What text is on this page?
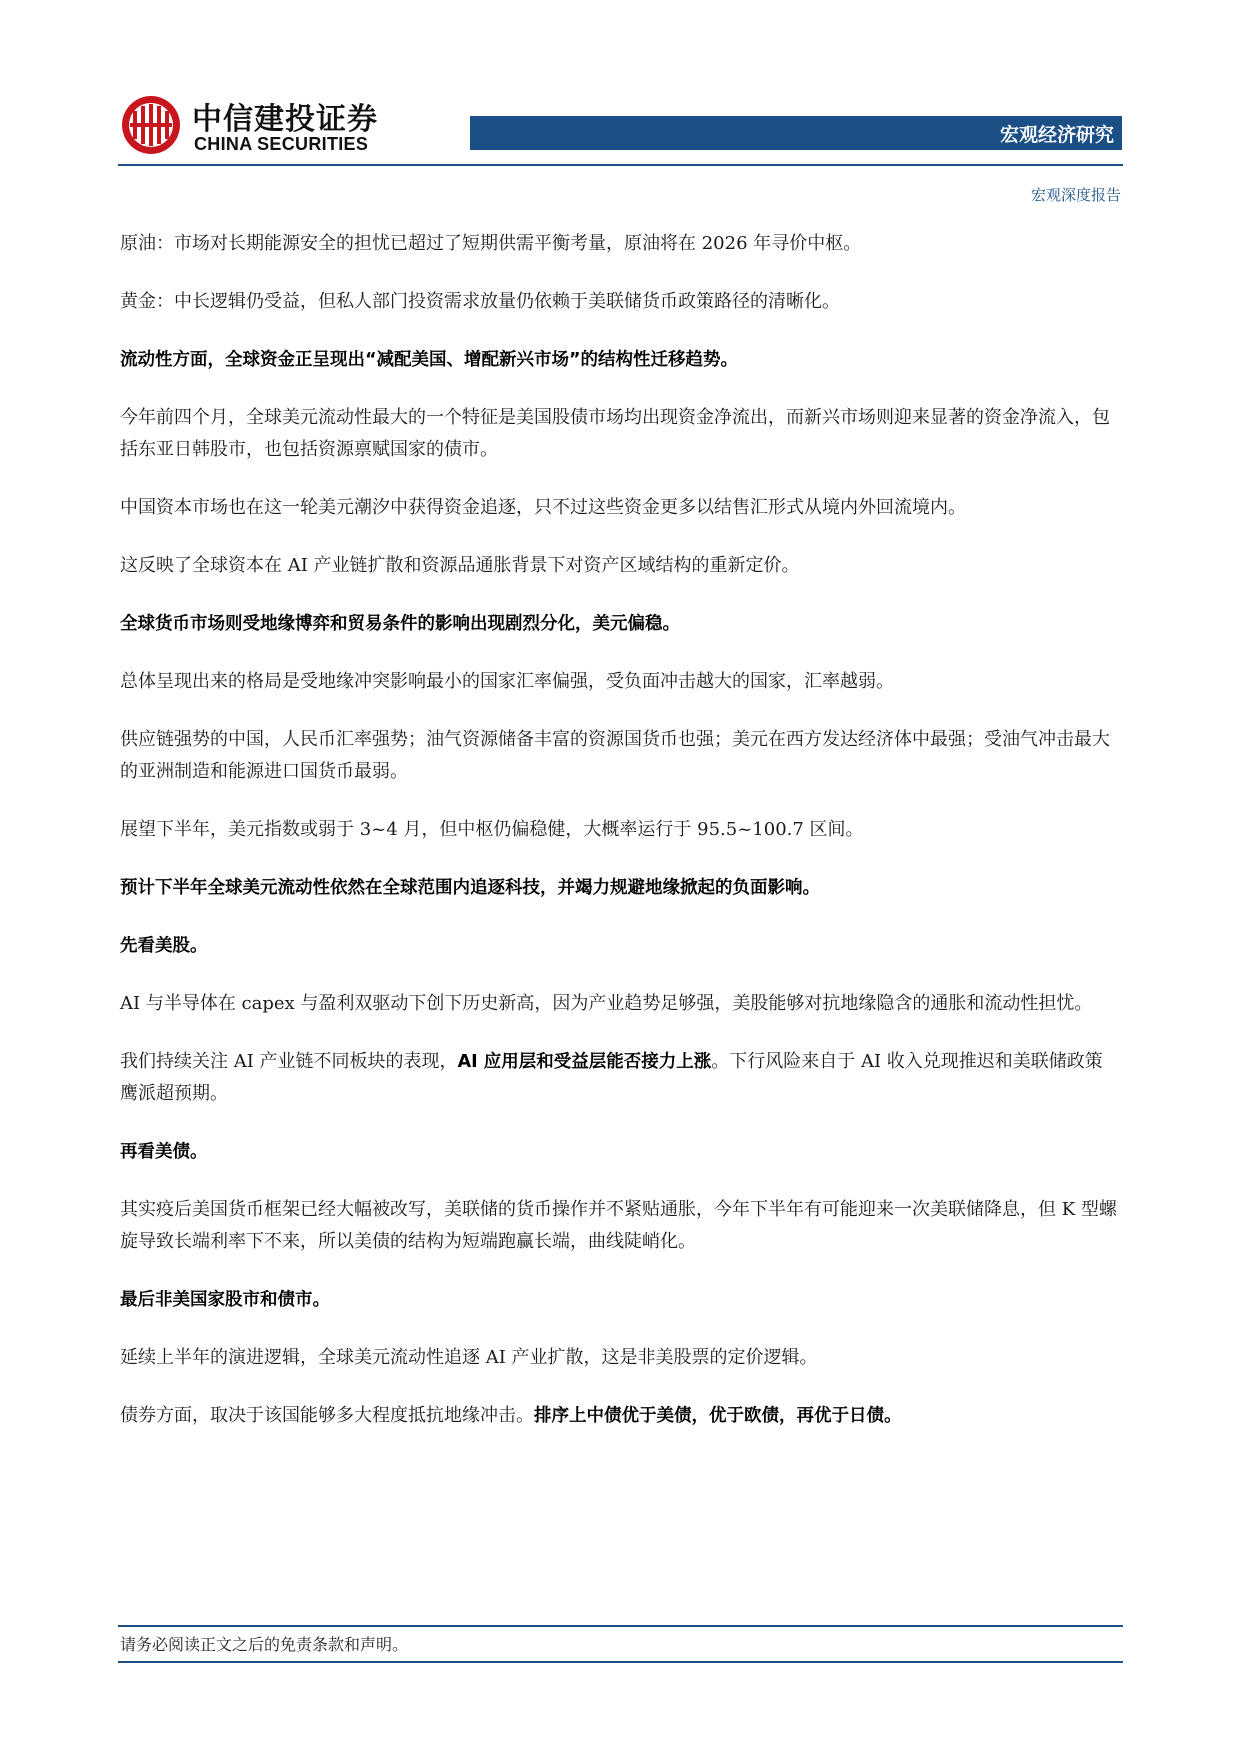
中信建投证券
CHINA SECURITIES	宏观经济研究
宏观深度报告

原油：市场对长期能源安全的担忧已超过了短期供需平衡考量，原油将在 2026 年寻价中枢。

黄金：中长逻辑仍受益，但私人部门投资需求放量仍依赖于美联储货币政策路径的清晰化。

流动性方面，全球资金正呈现出“减配美国、增配新兴市场”的结构性迁移趋势。

今年前四个月，全球美元流动性最大的一个特征是美国股债市场均出现资金净流出，而新兴市场则迎来显著的资金净流入，包括东亚日韩股市，也包括资源禀赋国家的债市。

中国资本市场也在这一轮美元潮汐中获得资金追逐，只不过这些资金更多以结售汇形式从境内外回流境内。

这反映了全球资本在 AI 产业链扩散和资源品通胀背景下对资产区域结构的重新定价。

全球货币市场则受地缘博弈和贸易条件的影响出现剧烈分化，美元偏稳。

总体呈现出来的格局是受地缘冲突影响最小的国家汇率偏强，受负面冲击越大的国家，汇率越弱。

供应链强势的中国，人民币汇率强势；油气资源储备丰富的资源国货币也强；美元在西方发达经济体中最强；受油气冲击最大的亚洲制造和能源进口国货币最弱。

展望下半年，美元指数或弱于 3~4 月，但中枢仍偏稳健，大概率运行于 95.5~100.7 区间。

预计下半年全球美元流动性依然在全球范围内追逐科技，并竭力规避地缘掀起的负面影响。

先看美股。

AI 与半导体在 capex 与盈利双驱动下创下历史新高，因为产业趋势足够强，美股能够对抗地缘隐含的通胀和流动性担忧。

我们持续关注 AI 产业链不同板块的表现，AI 应用层和受益层能否接力上涨。下行风险来自于 AI 收入兑现推迟和美联储政策鹰派超预期。

再看美债。

其实疫后美国货币框架已经大幅被改写，美联储的货币操作并不紧贴通胀，今年下半年有可能迎来一次美联储降息，但 K 型螺旋导致长端利率下不来，所以美债的结构为短端跑赢长端，曲线陡峭化。

最后非美国家股市和债市。

延续上半年的演进逻辑，全球美元流动性追逐 AI 产业扩散，这是非美股票的定价逻辑。

债券方面，取决于该国能够多大程度抵抗地缘冲击。排序上中债优于美债，优于欧债，再优于日债。

请务必阅读正文之后的免责条款和声明。
